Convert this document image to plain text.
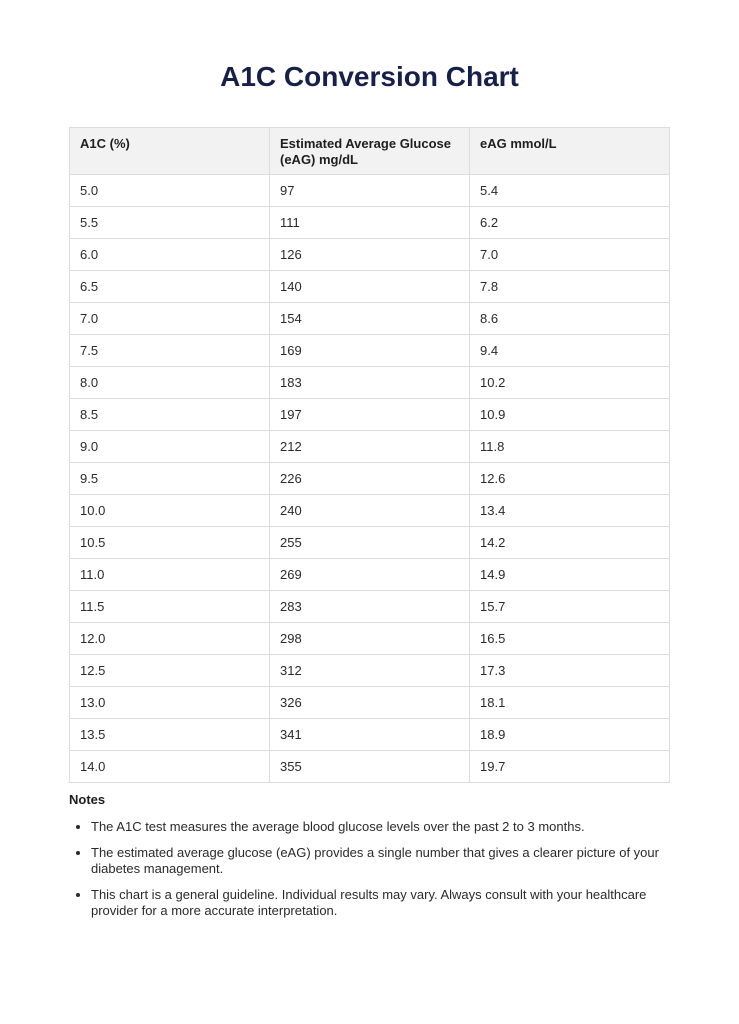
A1C Conversion Chart
A1C (%)	Estimated Average Glucose (eAG) mg/dL	eAG mmol/L
5.0	97	5.4
5.5	111	6.2
6.0	126	7.0
6.5	140	7.8
7.0	154	8.6
7.5	169	9.4
8.0	183	10.2
8.5	197	10.9
9.0	212	11.8
9.5	226	12.6
10.0	240	13.4
10.5	255	14.2
11.0	269	14.9
11.5	283	15.7
12.0	298	16.5
12.5	312	17.3
13.0	326	18.1
13.5	341	18.9
14.0	355	19.7
Notes
• The A1C test measures the average blood glucose levels over the past 2 to 3 months.
• The estimated average glucose (eAG) provides a single number that gives a clearer picture of your diabetes management.
• This chart is a general guideline. Individual results may vary. Always consult with your healthcare provider for a more accurate interpretation.
